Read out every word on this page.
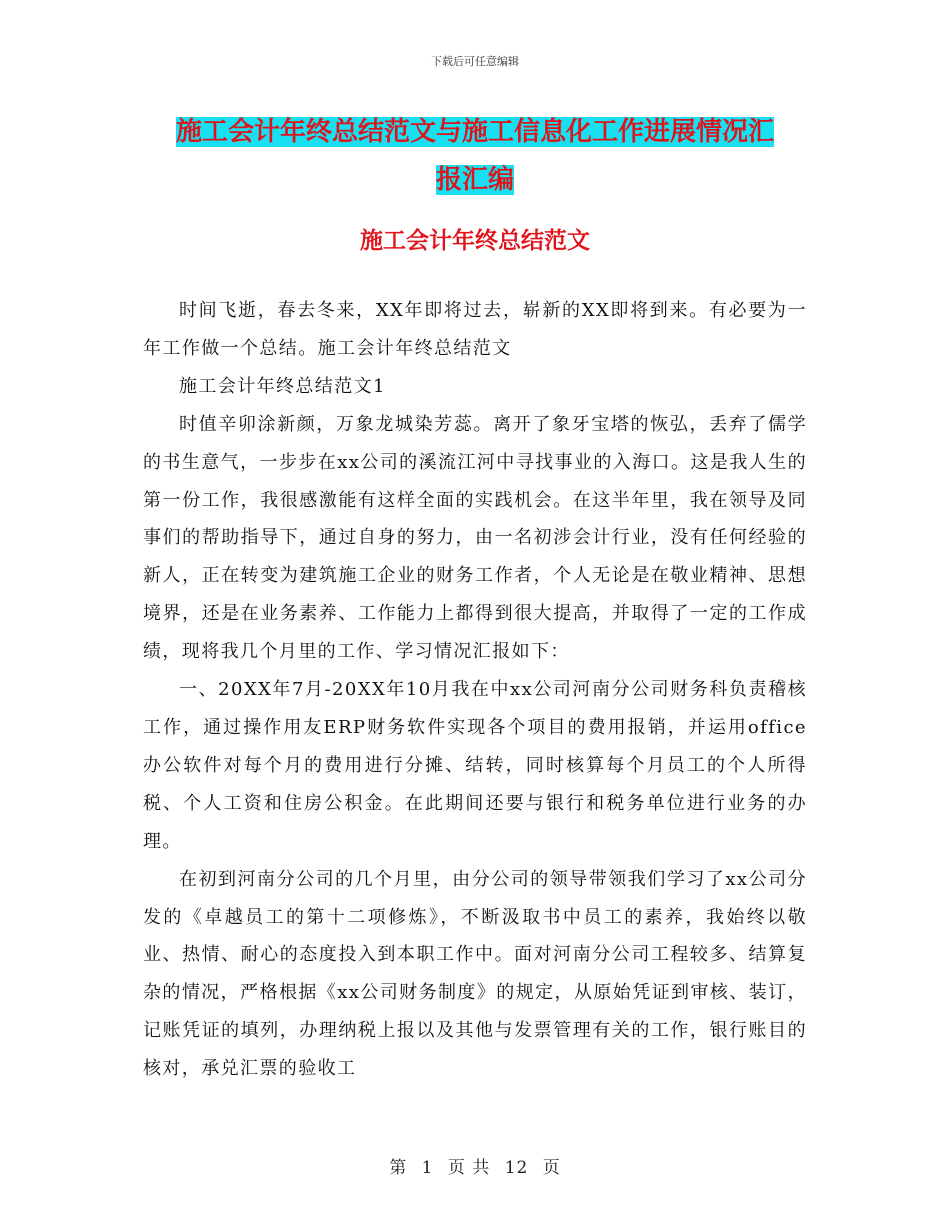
下载后可任意编辑
施工会计年终总结范文与施工信息化工作进展情况汇
报汇编
施工会计年终总结范文

时间飞逝，春去冬来，XX年即将过去，崭新的XX即将到来。有必要为一年工作做一个总结。施工会计年终总结范文

施工会计年终总结范文1

时值辛卯涂新颜，万象龙城染芳蕊。离开了象牙宝塔的恢弘，丢弃了儒学的书生意气，一步步在xx公司的溪流江河中寻找事业的入海口。这是我人生的第一份工作，我很感激能有这样全面的实践机会。在这半年里，我在领导及同事们的帮助指导下，通过自身的努力，由一名初涉会计行业，没有任何经验的新人，正在转变为建筑施工企业的财务工作者，个人无论是在敬业精神、思想境界，还是在业务素养、工作能力上都得到很大提高，并取得了一定的工作成绩，现将我几个月里的工作、学习情况汇报如下：

一、20XX年7月-20XX年10月我在中xx公司河南分公司财务科负责稽核工作，通过操作用友ERP财务软件实现各个项目的费用报销，并运用office办公软件对每个月的费用进行分摊、结转，同时核算每个月员工的个人所得税、个人工资和住房公积金。在此期间还要与银行和税务单位进行业务的办理。

在初到河南分公司的几个月里，由分公司的领导带领我们学习了xx公司分发的《卓越员工的第十二项修炼》，不断汲取书中员工的素养，我始终以敬业、热情、耐心的态度投入到本职工作中。面对河南分公司工程较多、结算复杂的情况，严格根据《xx公司财务制度》的规定，从原始凭证到审核、装订，记账凭证的填列，办理纳税上报以及其他与发票管理有关的工作，银行账目的核对，承兑汇票的验收工

第 1 页 共 12 页
